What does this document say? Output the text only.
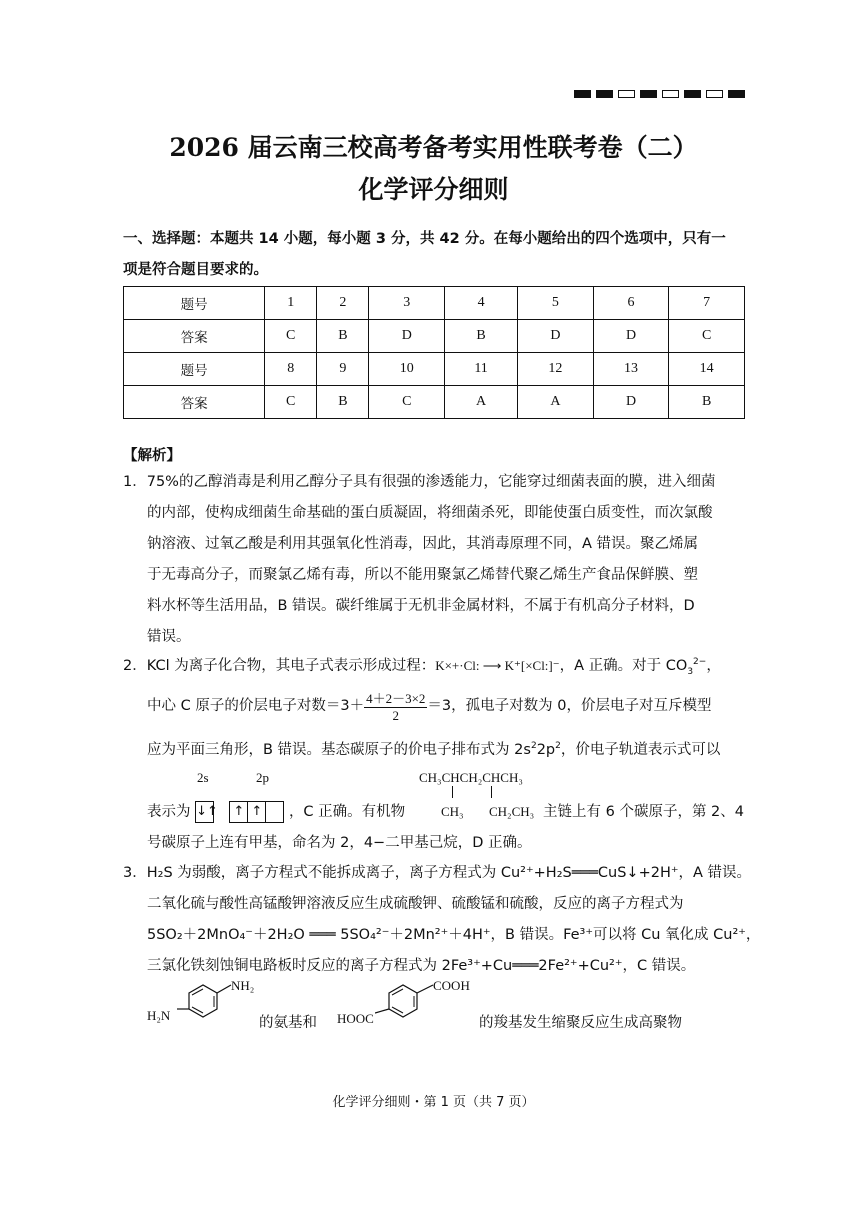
2026 届云南三校高考备考实用性联考卷（二）
化学评分细则
一、选择题：本题共 14 小题，每小题 3 分，共 42 分。在每小题给出的四个选项中，只有一
项是符合题目要求的。
题号	1	2	3	4	5	6	7
答案	C	B	D	B	D	D	C
题号	8	9	10	11	12	13	14
答案	C	B	C	A	A	D	B
【解析】
1．75%的乙醇消毒是利用乙醇分子具有很强的渗透能力，它能穿过细菌表面的膜，进入细菌
的内部，使构成细菌生命基础的蛋白质凝固，将细菌杀死，即能使蛋白质变性，而次氯酸
钠溶液、过氧乙酸是利用其强氧化性消毒，因此，其消毒原理不同，A 错误。聚乙烯属
于无毒高分子，而聚氯乙烯有毒，所以不能用聚氯乙烯替代聚乙烯生产食品保鲜膜、塑
料水杯等生活用品，B 错误。碳纤维属于无机非金属材料，不属于有机高分子材料，D
错误。
2．KCl 为离子化合物，其电子式表示形成过程：K×+·Cl: ⟶ K⁺[×Cl:]⁻，A 正确。对于 $CO_3^{2-}$，
中心 C 原子的价层电子对数$=3+ \frac{4+2-3\times 2}{2} =3$，孤电子对数为 0，价层电子对互斥模型
应为平面三角形，B 错误。基态碳原子的价电子排布式为 $2s^22p^2$，价电子轨道表示式可以
2s	2p	CH₃CHCH₂CHCH₃
表示为 ↓↑ ↑ ↑ ，C 正确。有机物	CH₃ CH₂CH₃ 主链上有 6 个碳原子，第 2、4
号碳原子上连有甲基，命名为 2，4−二甲基己烷，D 正确。
3．H₂S 为弱酸，离子方程式不能拆成离子，离子方程式为 Cu²⁺+H₂S═══CuS↓+2H⁺，A 错误。
二氧化硫与酸性高锰酸钾溶液反应生成硫酸钾、硫酸锰和硫酸，反应的离子方程式为
5SO₂＋2MnO₄⁻＋2H₂O ═══ 5SO₄²⁻＋2Mn²⁺＋4H⁺，B 错误。Fe³⁺可以将 Cu 氧化成 Cu²⁺，
三氯化铁刻蚀铜电路板时反应的离子方程式为 2Fe³⁺+Cu═══2Fe²⁺+Cu²⁺，C 错误。
NH₂
H₂N	的氨基和
COOH
HOOC	的羧基发生缩聚反应生成高聚物
化学评分细则・第 1 页（共 7 页）
